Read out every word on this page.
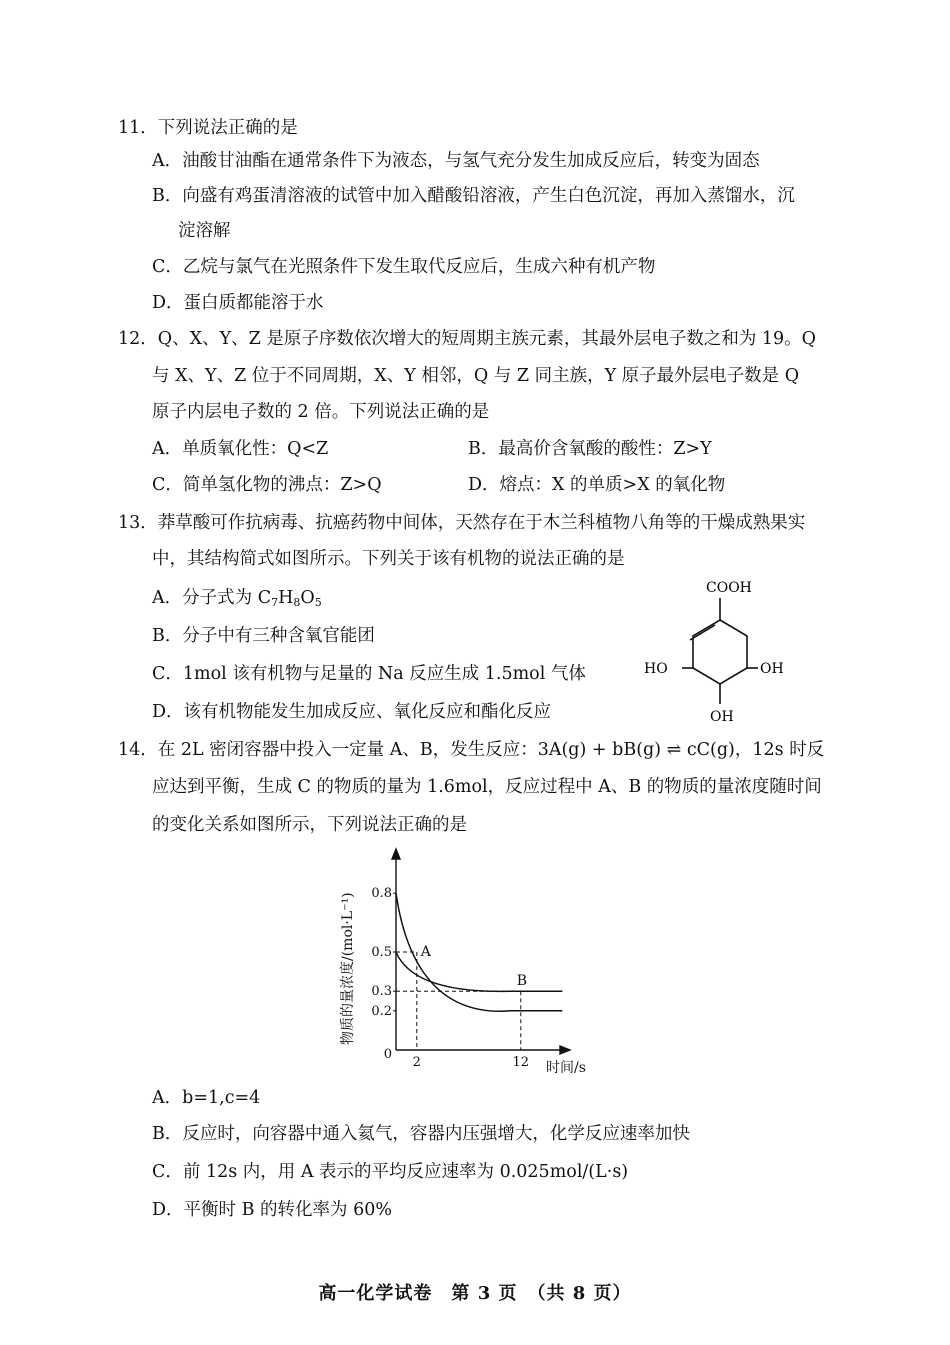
11．下列说法正确的是
A．油酸甘油酯在通常条件下为液态，与氢气充分发生加成反应后，转变为固态
B．向盛有鸡蛋清溶液的试管中加入醋酸铅溶液，产生白色沉淀，再加入蒸馏水，沉
淀溶解
C．乙烷与氯气在光照条件下发生取代反应后，生成六种有机产物
D．蛋白质都能溶于水
12．Q、X、Y、Z 是原子序数依次增大的短周期主族元素，其最外层电子数之和为 19。Q
与 X、Y、Z 位于不同周期，X、Y 相邻，Q 与 Z 同主族，Y 原子最外层电子数是 Q
原子内层电子数的 2 倍。下列说法正确的是
A．单质氧化性：Q<Z	B．最高价含氧酸的酸性：Z>Y
C．简单氢化物的沸点：Z>Q	D．熔点：X 的单质>X 的氧化物
13．莽草酸可作抗病毒、抗癌药物中间体，天然存在于木兰科植物八角等的干燥成熟果实
中，其结构简式如图所示。下列关于该有机物的说法正确的是
A．分子式为 $C_7H_8O_5$
B．分子中有三种含氧官能团
C．1mol 该有机物与足量的 Na 反应生成 1.5mol 气体
D．该有机物能发生加成反应、氧化反应和酯化反应
COOH
HO	OH
OH
14．在 2L 密闭容器中投入一定量 A、B，发生反应：3A(g) + bB(g) ⇌ cC(g)，12s 时反
应达到平衡，生成 C 的物质的量为 1.6mol，反应过程中 A、B 的物质的量浓度随时间
的变化关系如图所示，下列说法正确的是
A
B
0
0.2
0.3
0.5
0.8
2	12
物质的量浓度/(mol·L⁻¹)
时间/s
A．b=1,c=4
B．反应时，向容器中通入氦气，容器内压强增大，化学反应速率加快
C．前 12s 内，用 A 表示的平均反应速率为 0.025mol/(L·s)
D．平衡时 B 的转化率为 60%
高一化学试卷　第 3 页　（共 8 页）
